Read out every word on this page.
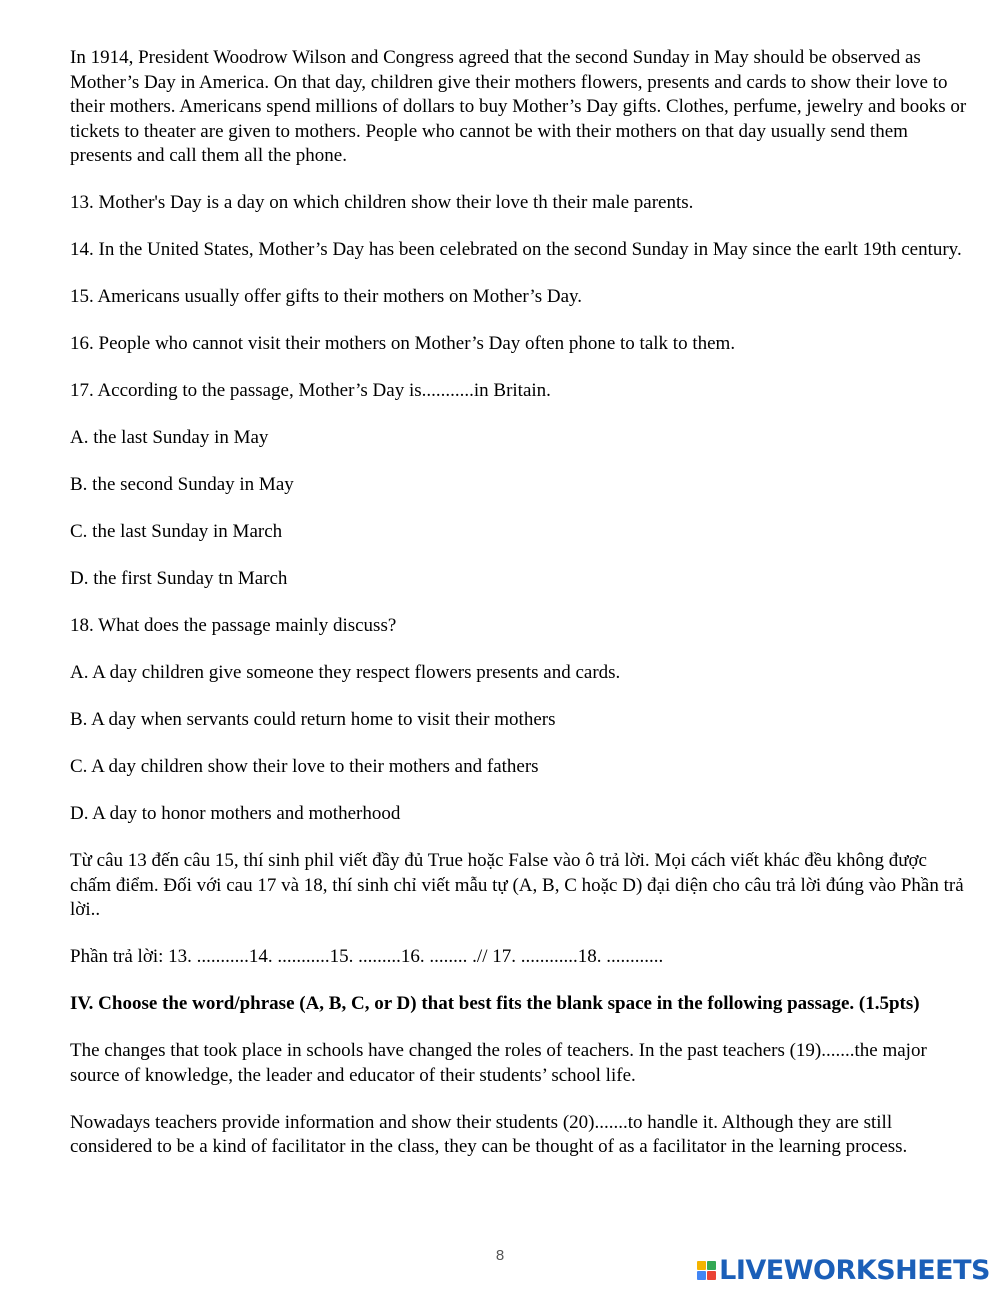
In 1914, President Woodrow Wilson and Congress agreed that the second Sunday in May should be observed as Mother’s Day in America. On that day, children give their mothers flowers, presents and cards to show their love to their mothers. Americans spend millions of dollars to buy Mother’s Day gifts. Clothes, perfume, jewelry and books or tickets to theater are given to mothers. People who cannot be with their mothers on that day usually send them presents and call them all the phone.

13. Mother's Day is a day on which children show their love th their male parents.

14. In the United States, Mother’s Day has been celebrated on the second Sunday in May since the earlt 19th century.

15. Americans usually offer gifts to their mothers on Mother’s Day.

16. People who cannot visit their mothers on Mother’s Day often phone to talk to them.

17. According to the passage, Mother’s Day is...........in Britain.

A. the last Sunday in May

B. the second Sunday in May

C. the last Sunday in March

D. the first Sunday tn March

18. What does the passage mainly discuss?

A. A day children give someone they respect flowers presents and cards.

B. A day when servants could return home to visit their mothers

C. A day children show their love to their mothers and fathers

D. A day to honor mothers and motherhood

Từ câu 13 đến câu 15, thí sinh phil viết đầy đủ True hoặc False vào ô trả lời. Mọi cách viết khác đều không được chấm điểm. Đối với cau 17 và 18, thí sinh chỉ viết mẫu tự (A, B, C hoặc D) đại diện cho câu trả lời đúng vào Phần trả lời..

Phần trả lời: 13. ...........14. ...........15. .........16. ........ .// 17. ............18. ............

IV. Choose the word/phrase (A, B, C, or D) that best fits the blank space in the following passage. (1.5pts)

The changes that took place in schools have changed the roles of teachers. In the past teachers (19).......the major source of knowledge, the leader and educator of their students’ school life.

Nowadays teachers provide information and show their students (20).......to handle it. Although they are still considered to be a kind of facilitator in the class, they can be thought of as a facilitator in the learning process.

8	LIVEWORKSHEETS
